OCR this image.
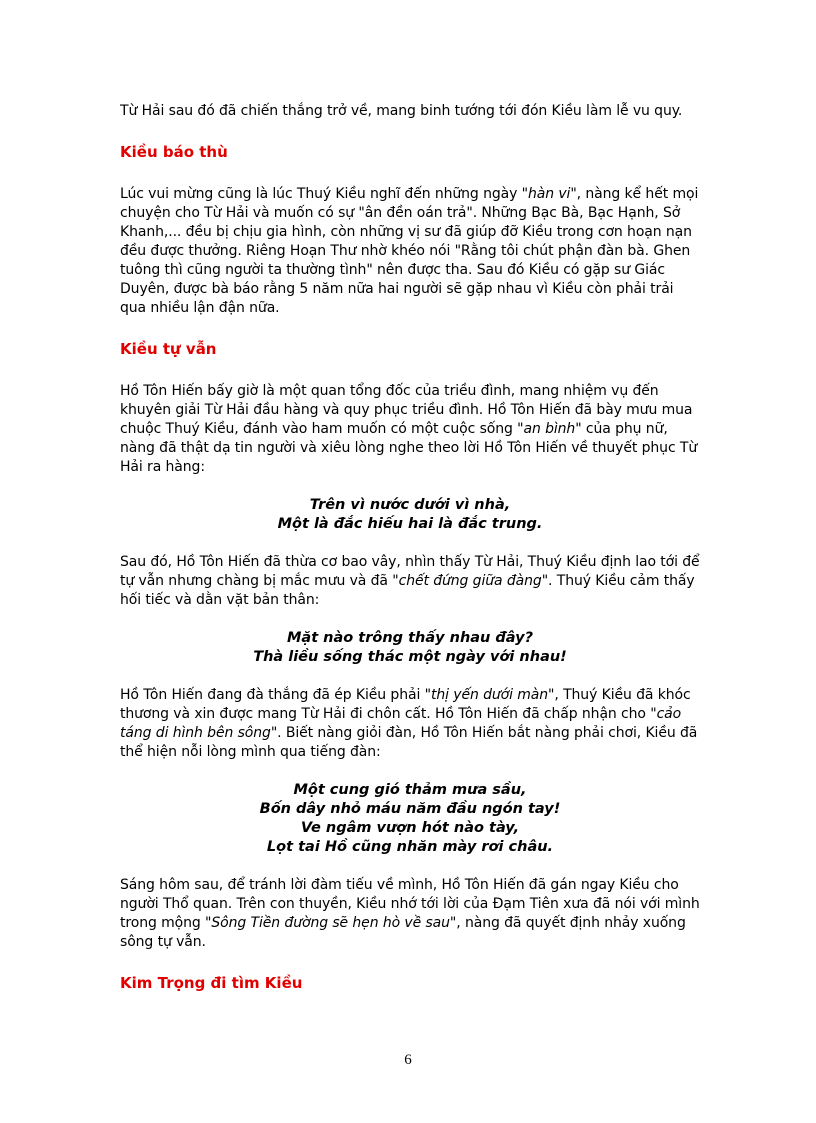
Từ Hải sau đó đã chiến thắng trở về, mang binh tướng tới đón Kiều làm lễ vu quy.

Kiều báo thù

Lúc vui mừng cũng là lúc Thuý Kiều nghĩ đến những ngày "hàn vi", nàng kể hết mọi chuyện cho Từ Hải và muốn có sự "ân đền oán trả". Những Bạc Bà, Bạc Hạnh, Sở Khanh,... đều bị chịu gia hình, còn những vị sư đã giúp đỡ Kiều trong cơn hoạn nạn đều được thưởng. Riêng Hoạn Thư nhờ khéo nói "Rằng tôi chút phận đàn bà. Ghen tuông thì cũng người ta thường tình" nên được tha. Sau đó Kiều có gặp sư Giác Duyên, được bà báo rằng 5 năm nữa hai người sẽ gặp nhau vì Kiều còn phải trải qua nhiều lận đận nữa.

Kiều tự vẫn

Hồ Tôn Hiến bấy giờ là một quan tổng đốc của triều đình, mang nhiệm vụ đến khuyên giải Từ Hải đầu hàng và quy phục triều đình. Hồ Tôn Hiến đã bày mưu mua chuộc Thuý Kiều, đánh vào ham muốn có một cuộc sống "an bình" của phụ nữ, nàng đã thật dạ tin người và xiêu lòng nghe theo lời Hồ Tôn Hiến về thuyết phục Từ Hải ra hàng:

Trên vì nước dưới vì nhà,
Một là đắc hiếu hai là đắc trung.

Sau đó, Hồ Tôn Hiến đã thừa cơ bao vây, nhìn thấy Từ Hải, Thuý Kiều định lao tới để tự vẫn nhưng chàng bị mắc mưu và đã "chết đứng giữa đàng". Thuý Kiều cảm thấy hối tiếc và dằn vặt bản thân:

Mặt nào trông thấy nhau đây?
Thà liều sống thác một ngày với nhau!

Hồ Tôn Hiến đang đà thắng đã ép Kiều phải "thị yến dưới màn", Thuý Kiều đã khóc thương và xin được mang Từ Hải đi chôn cất. Hồ Tôn Hiến đã chấp nhận cho "cảo táng di hình bên sông". Biết nàng giỏi đàn, Hồ Tôn Hiến bắt nàng phải chơi, Kiều đã thể hiện nỗi lòng mình qua tiếng đàn:

Một cung gió thảm mưa sầu,
Bốn dây nhỏ máu năm đầu ngón tay!
Ve ngâm vượn hót nào tày,
Lọt tai Hồ cũng nhăn mày rơi châu.

Sáng hôm sau, để tránh lời đàm tiếu về mình, Hồ Tôn Hiến đã gán ngay Kiều cho người Thổ quan. Trên con thuyền, Kiều nhớ tới lời của Đạm Tiên xưa đã nói với mình trong mộng "Sông Tiền đường sẽ hẹn hò về sau", nàng đã quyết định nhảy xuống sông tự vẫn.

Kim Trọng đi tìm Kiều
6
